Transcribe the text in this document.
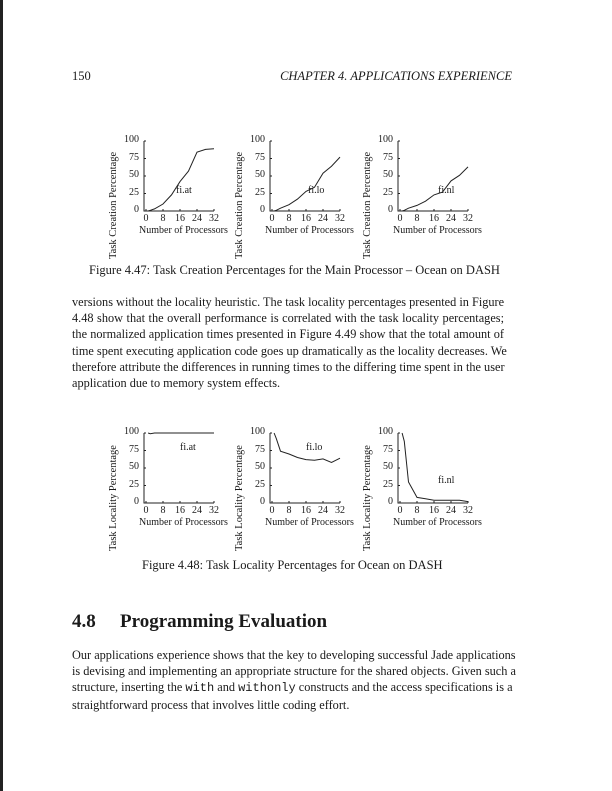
150	CHAPTER 4. APPLICATIONS EXPERIENCE
Task Creation Percentage
100
75
50
25
0
0	8 16 24 32
Number of Processors
fi.at	Task Creation Percentage
100
75
50
25
0
0	8 16 24 32
Number of Processors
fi.lo	Task Creation Percentage
100
75
50
25
0
0	8 16 24 32
Number of Processors
fi.nl
Figure 4.47: Task Creation Percentages for the Main Processor – Ocean on DASH
versions without the locality heuristic. The task locality percentages presented in Figure
4.48 show that the overall performance is correlated with the task locality percentages;
the normalized application times presented in Figure 4.49 show that the total amount of
time spent executing application code goes up dramatically as the locality decreases. We
therefore attribute the differences in running times to the differing time spent in the user
application due to memory system effects.
Task Locality Percentage
100
75
50
25
0
0	8 16 24 32
Number of Processors
fi.at	Task Locality Percentage
100
75
50
25
0
0	8 16 24 32
Number of Processors
fi.lo	Task Locality Percentage
100
75
50
25
0
0	8 16 24 32
Number of Processors
fi.nl
Figure 4.48: Task Locality Percentages for Ocean on DASH
4.8 Programming Evaluation
Our applications experience shows that the key to developing successful Jade applications
is devising and implementing an appropriate structure for the shared objects. Given such a
structure, inserting the with and withonly constructs and the access specifications is a
straightforward process that involves little coding effort.
